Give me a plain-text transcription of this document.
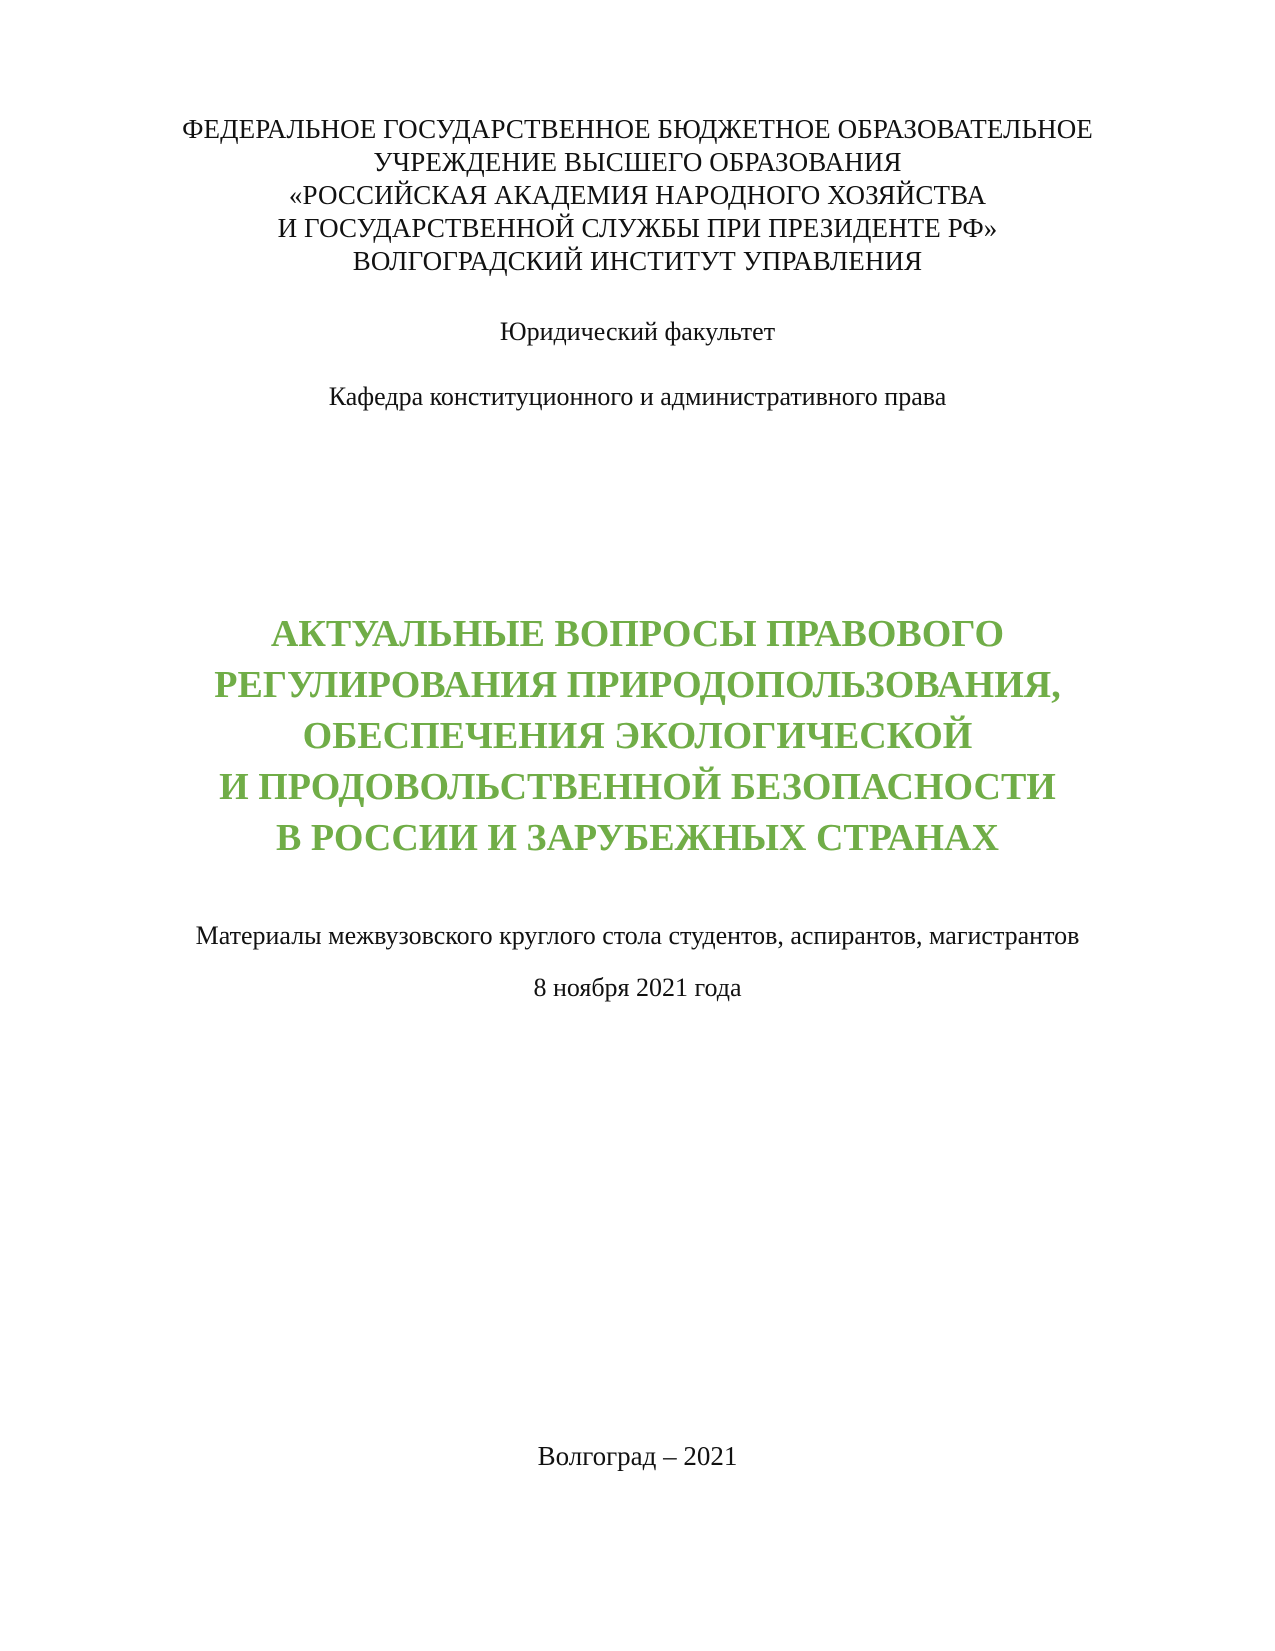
ФЕДЕРАЛЬНОЕ ГОСУДАРСТВЕННОЕ БЮДЖЕТНОЕ ОБРАЗОВАТЕЛЬНОЕ
УЧРЕЖДЕНИЕ ВЫСШЕГО ОБРАЗОВАНИЯ
«РОССИЙСКАЯ АКАДЕМИЯ НАРОДНОГО ХОЗЯЙСТВА
И ГОСУДАРСТВЕННОЙ СЛУЖБЫ ПРИ ПРЕЗИДЕНТЕ РФ»
ВОЛГОГРАДСКИЙ ИНСТИТУТ УПРАВЛЕНИЯ
Юридический факультет
Кафедра конституционного и административного права
АКТУАЛЬНЫЕ ВОПРОСЫ ПРАВОВОГО
РЕГУЛИРОВАНИЯ ПРИРОДОПОЛЬЗОВАНИЯ,
ОБЕСПЕЧЕНИЯ ЭКОЛОГИЧЕСКОЙ
И ПРОДОВОЛЬСТВЕННОЙ БЕЗОПАСНОСТИ
В РОССИИ И ЗАРУБЕЖНЫХ СТРАНАХ
Материалы межвузовского круглого стола студентов, аспирантов, магистрантов
8 ноября 2021 года
Волгоград – 2021
